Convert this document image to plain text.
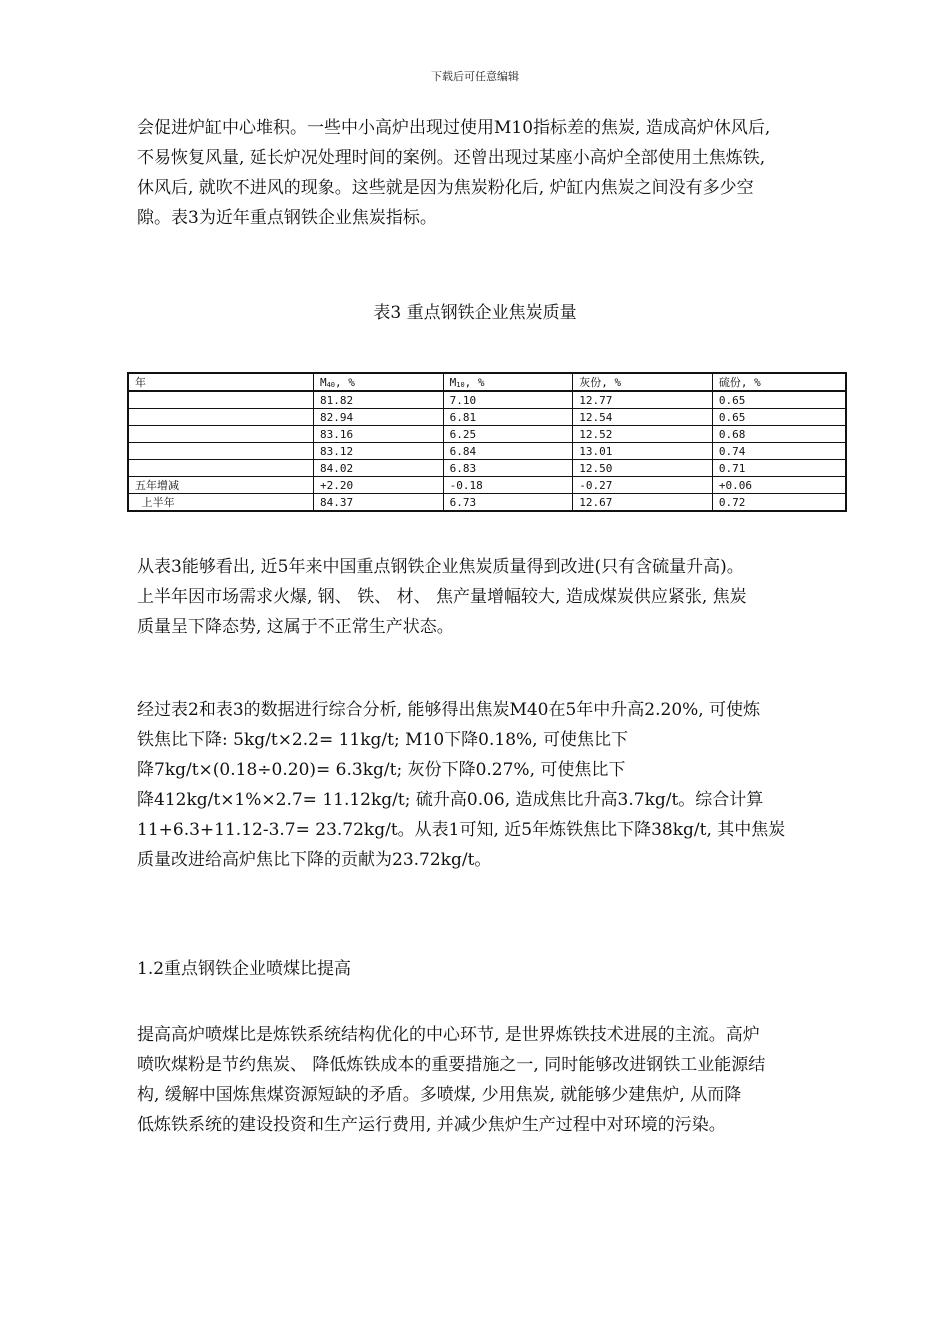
下载后可任意编辑
会促进炉缸中心堆积。一些中小高炉出现过使用M10指标差的焦炭, 造成高炉休风后,
不易恢复风量, 延长炉况处理时间的案例。还曾出现过某座小高炉全部使用土焦炼铁,
休风后, 就吹不进风的现象。这些就是因为焦炭粉化后, 炉缸内焦炭之间没有多少空
隙。表3为近年重点钢铁企业焦炭指标。
表3 重点钢铁企业焦炭质量
年	M40, %	M10, %	灰份, %	硫份, %
	81.82	7.10	12.77	0.65
	82.94	6.81	12.54	0.65
	83.16	6.25	12.52	0.68
	83.12	6.84	13.01	0.74
	84.02	6.83	12.50	0.71
五年增减	+2.20	-0.18	-0.27	+0.06
上半年	84.37	6.73	12.67	0.72
从表3能够看出, 近5年来中国重点钢铁企业焦炭质量得到改进(只有含硫量升高)。
上半年因市场需求火爆, 钢、 铁、 材、 焦产量增幅较大, 造成煤炭供应紧张, 焦炭
质量呈下降态势, 这属于不正常生产状态。
经过表2和表3的数据进行综合分析, 能够得出焦炭M40在5年中升高2.20%, 可使炼
铁焦比下降: 5kg/t×2.2= 11kg/t; M10下降0.18%, 可使焦比下
降7kg/t×(0.18÷0.20)= 6.3kg/t; 灰份下降0.27%, 可使焦比下
降412kg/t×1%×2.7= 11.12kg/t; 硫升高0.06, 造成焦比升高3.7kg/t。综合计算
11+6.3+11.12-3.7= 23.72kg/t。从表1可知, 近5年炼铁焦比下降38kg/t, 其中焦炭
质量改进给高炉焦比下降的贡献为23.72kg/t。
1.2重点钢铁企业喷煤比提高
提高高炉喷煤比是炼铁系统结构优化的中心环节, 是世界炼铁技术进展的主流。高炉
喷吹煤粉是节约焦炭、 降低炼铁成本的重要措施之一, 同时能够改进钢铁工业能源结
构, 缓解中国炼焦煤资源短缺的矛盾。多喷煤, 少用焦炭, 就能够少建焦炉, 从而降
低炼铁系统的建设投资和生产运行费用, 并减少焦炉生产过程中对环境的污染。
